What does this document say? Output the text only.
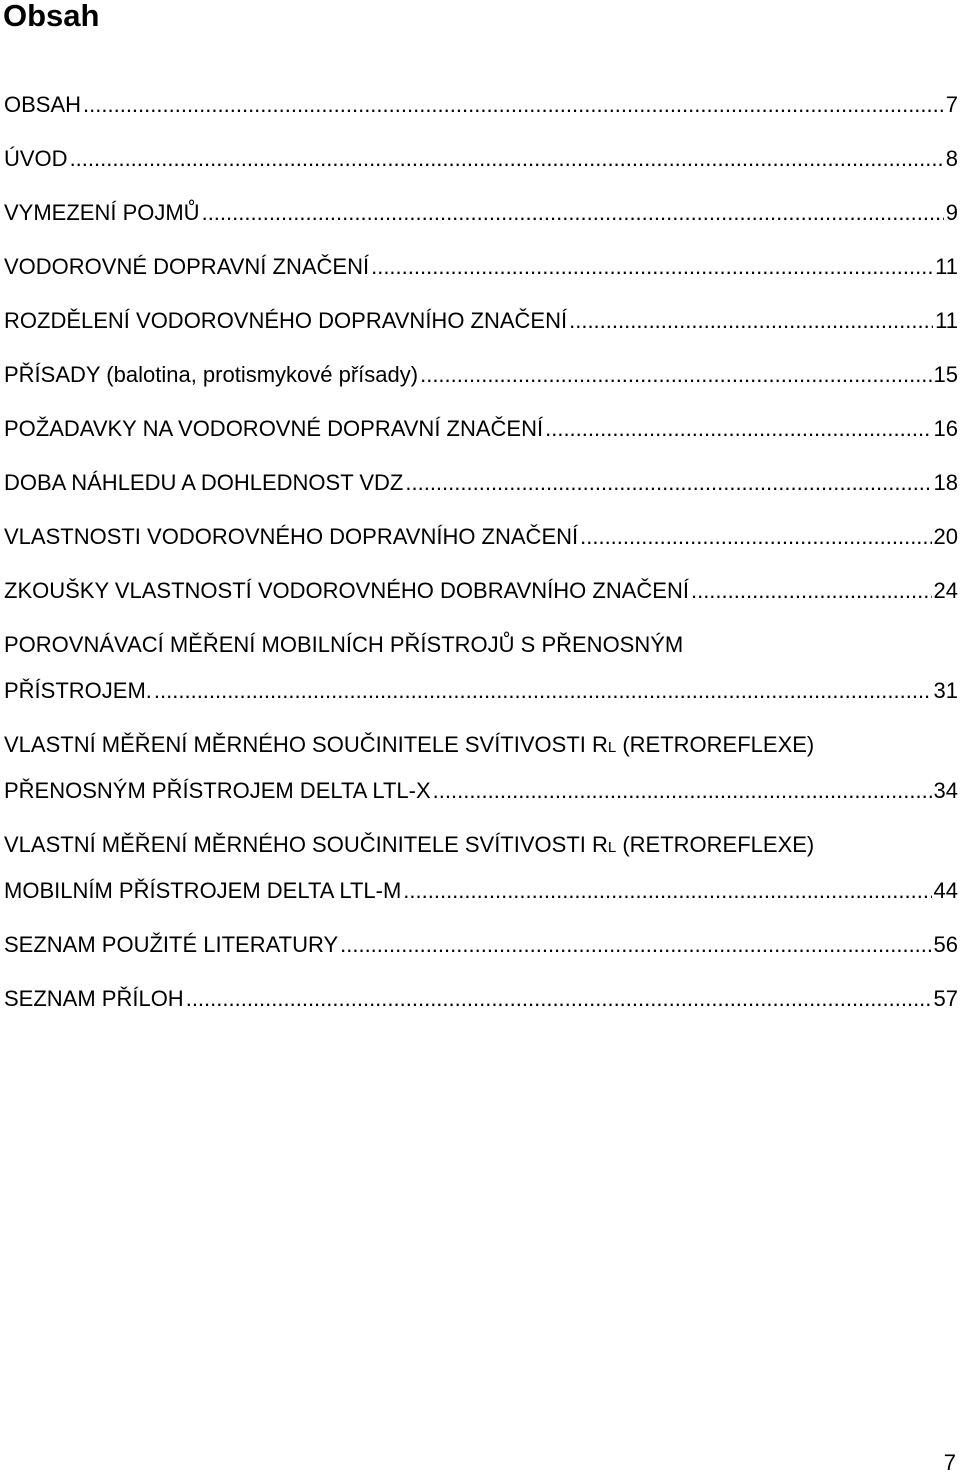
Obsah
OBSAH .....	7
ÚVOD .....	8
VYMEZENÍ POJMŮ .....	9
VODOROVNÉ DOPRAVNÍ ZNAČENÍ .....	11
ROZDĚLENÍ VODOROVNÉHO DOPRAVNÍHO ZNAČENÍ .....	11
PŘÍSADY (balotina, protismykové přísady) .....	15
POŽADAVKY NA VODOROVNÉ DOPRAVNÍ ZNAČENÍ .....	16
DOBA NÁHLEDU A DOHLEDNOST VDZ .....	18
VLASTNOSTI VODOROVNÉHO DOPRAVNÍHO ZNAČENÍ .....	20
ZKOUŠKY VLASTNOSTÍ VODOROVNÉHO DOBRAVNÍHO ZNAČENÍ .....	24
POROVNÁVACÍ MĚŘENÍ MOBILNÍCH PŘÍSTROJŮ S PŘENOSNÝM
PŘÍSTROJEM. .....	31
VLASTNÍ MĚŘENÍ MĚRNÉHO SOUČINITELE SVÍTIVOSTI RL (RETROREFLEXE)
PŘENOSNÝM PŘÍSTROJEM DELTA LTL-X .....	34
VLASTNÍ MĚŘENÍ MĚRNÉHO SOUČINITELE SVÍTIVOSTI RL (RETROREFLEXE)
MOBILNÍM PŘÍSTROJEM DELTA LTL-M .....	44
SEZNAM POUŽITÉ LITERATURY .....	56
SEZNAM PŘÍLOH .....	57
7
